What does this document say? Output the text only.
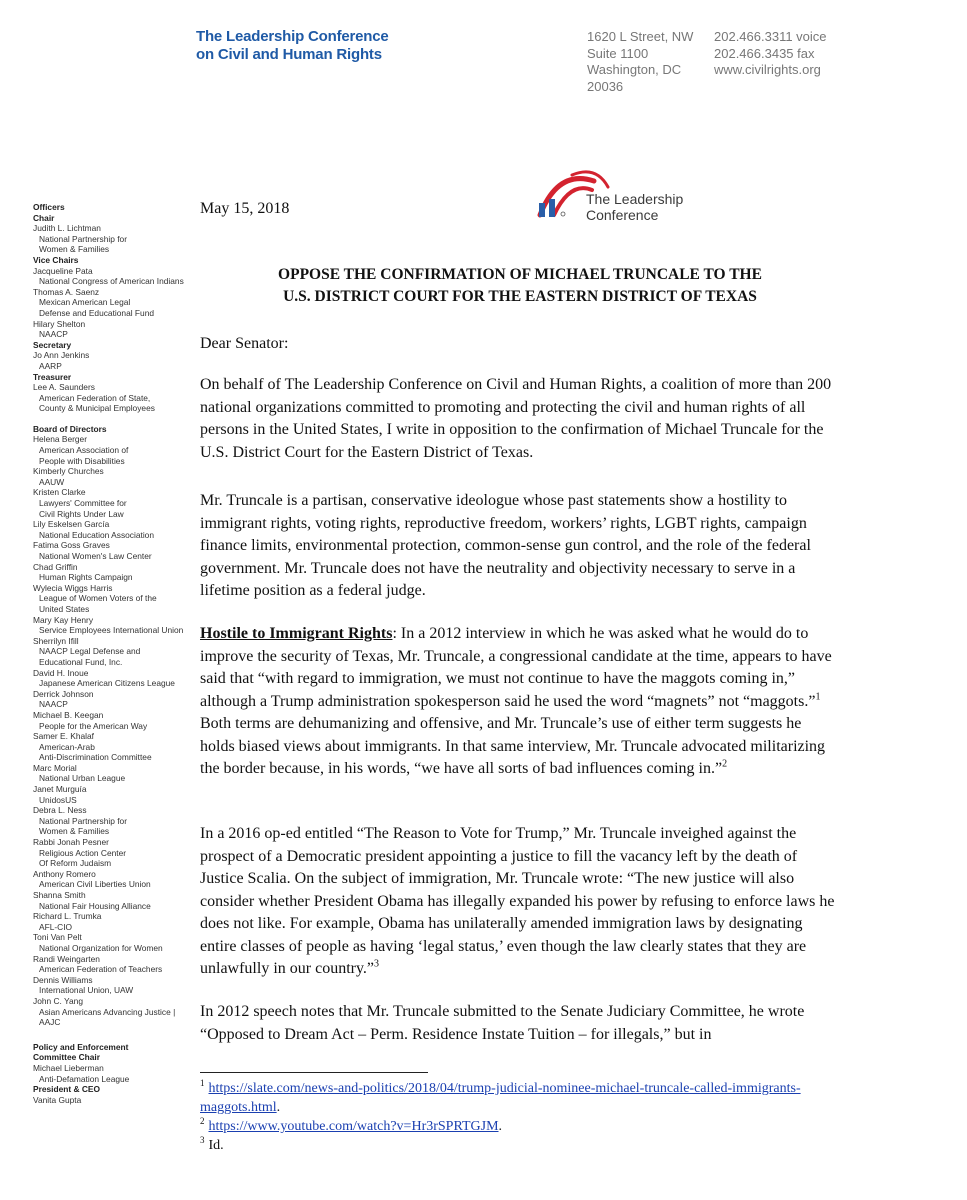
The Leadership Conference
on Civil and Human Rights
1620 L Street, NW
Suite 1100
Washington, DC
20036
202.466.3311 voice
202.466.3435 fax
www.civilrights.org
The Leadership
Conference
Officers
Chair
Judith L. Lichtman
National Partnership for
Women & Families
Vice Chairs
Jacqueline Pata
National Congress of American Indians
Thomas A. Saenz
Mexican American Legal
Defense and Educational Fund
Hilary Shelton
NAACP
Secretary
Jo Ann Jenkins
AARP
Treasurer
Lee A. Saunders
American Federation of State,
County & Municipal Employees
Board of Directors
Helena Berger
American Association of
People with Disabilities
Kimberly Churches
AAUW
Kristen Clarke
Lawyers' Committee for
Civil Rights Under Law
Lily Eskelsen García
National Education Association
Fatima Goss Graves
National Women's Law Center
Chad Griffin
Human Rights Campaign
Wylecia Wiggs Harris
League of Women Voters of the
United States
Mary Kay Henry
Service Employees International Union
Sherrilyn Ifill
NAACP Legal Defense and
Educational Fund, Inc.
David H. Inoue
Japanese American Citizens League
Derrick Johnson
NAACP
Michael B. Keegan
People for the American Way
Samer E. Khalaf
American-Arab
Anti-Discrimination Committee
Marc Morial
National Urban League
Janet Murguía
UnidosUS
Debra L. Ness
National Partnership for
Women & Families
Rabbi Jonah Pesner
Religious Action Center
Of Reform Judaism
Anthony Romero
American Civil Liberties Union
Shanna Smith
National Fair Housing Alliance
Richard L. Trumka
AFL-CIO
Toni Van Pelt
National Organization for Women
Randi Weingarten
American Federation of Teachers
Dennis Williams
International Union, UAW
John C. Yang
Asian Americans Advancing Justice |
AAJC
Policy and Enforcement
Committee Chair
Michael Lieberman
Anti-Defamation League
President & CEO
Vanita Gupta
May 15, 2018
OPPOSE THE CONFIRMATION OF MICHAEL TRUNCALE TO THE
U.S. DISTRICT COURT FOR THE EASTERN DISTRICT OF TEXAS
Dear Senator:
On behalf of The Leadership Conference on Civil and Human Rights, a coalition of more than 200 national organizations committed to promoting and protecting the civil and human rights of all persons in the United States, I write in opposition to the confirmation of Michael Truncale for the U.S. District Court for the Eastern District of Texas.
Mr. Truncale is a partisan, conservative ideologue whose past statements show a hostility to immigrant rights, voting rights, reproductive freedom, workers’ rights, LGBT rights, campaign finance limits, environmental protection, common-sense gun control, and the role of the federal government. Mr. Truncale does not have the neutrality and objectivity necessary to serve in a lifetime position as a federal judge.
Hostile to Immigrant Rights: In a 2012 interview in which he was asked what he would do to improve the security of Texas, Mr. Truncale, a congressional candidate at the time, appears to have said that “with regard to immigration, we must not continue to have the maggots coming in,” although a Trump administration spokesperson said he used the word “magnets” not “maggots.”$^1$ Both terms are dehumanizing and offensive, and Mr. Truncale’s use of either term suggests he holds biased views about immigrants. In that same interview, Mr. Truncale advocated militarizing the border because, in his words, “we have all sorts of bad influences coming in.”$^2$
In a 2016 op-ed entitled “The Reason to Vote for Trump,” Mr. Truncale inveighed against the prospect of a Democratic president appointing a justice to fill the vacancy left by the death of Justice Scalia. On the subject of immigration, Mr. Truncale wrote: “The new justice will also consider whether President Obama has illegally expanded his power by refusing to enforce laws he does not like. For example, Obama has unilaterally amended immigration laws by designating entire classes of people as having ‘legal status,’ even though the law clearly states that they are unlawfully in our country.”$^3$
In 2012 speech notes that Mr. Truncale submitted to the Senate Judiciary Committee, he wrote “Opposed to Dream Act – Perm. Residence Instate Tuition – for illegals,” but in
$^1$ https://slate.com/news-and-politics/2018/04/trump-judicial-nominee-michael-truncale-called-immigrants-maggots.html.
$^2$ https://www.youtube.com/watch?v=Hr3rSPRTGJM.
$^3$ Id.
